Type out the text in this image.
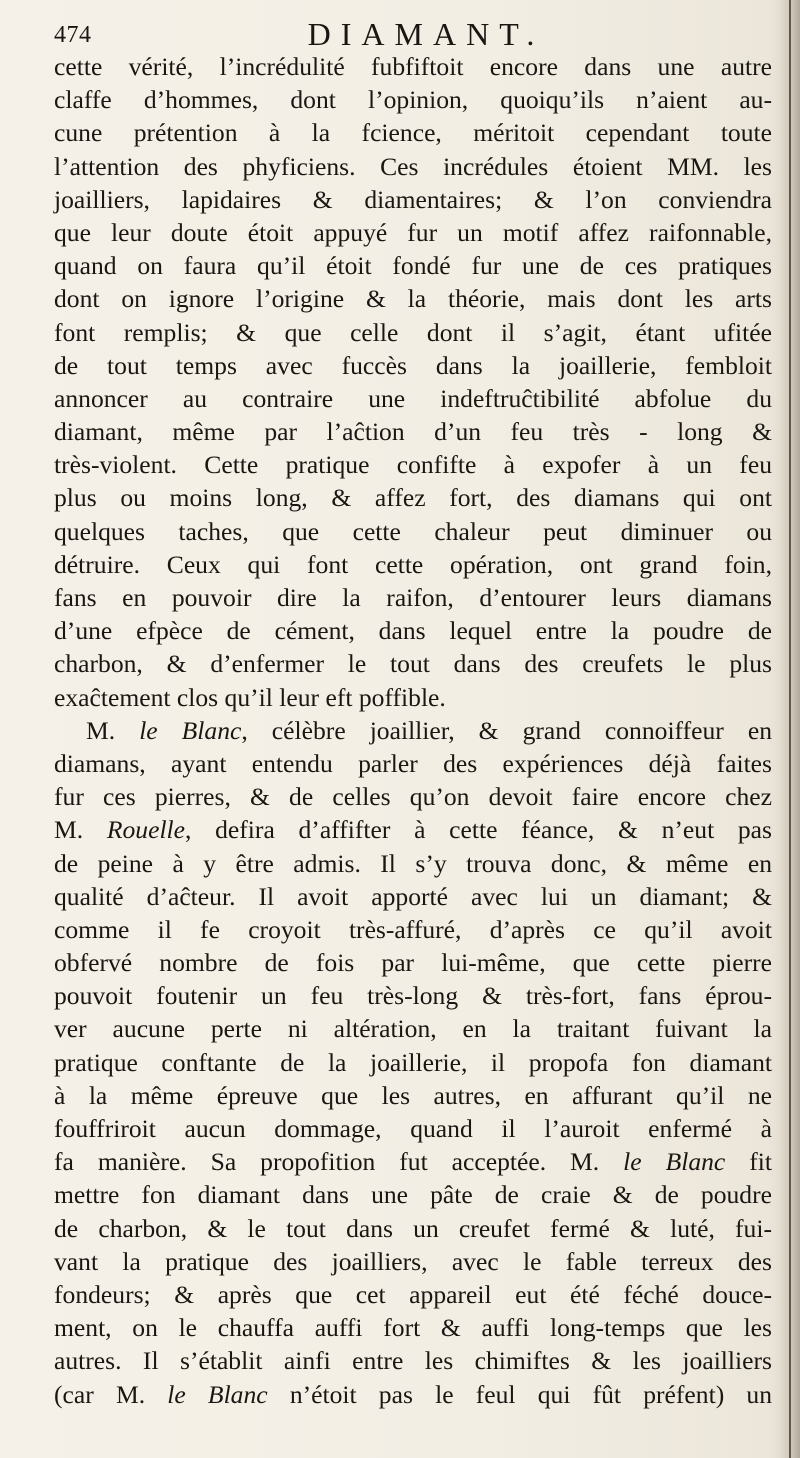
474	DIAMANT.
cette vérité, l’incrédulité fubfiftoit encore dans une autre
claffe d’hommes, dont l’opinion, quoiqu’ils n’aient au-
cune prétention à la fcience, méritoit cependant toute
l’attention des phyficiens. Ces incrédules étoient MM. les
joailliers, lapidaires & diamentaires; & l’on conviendra
que leur doute étoit appuyé fur un motif affez raifonnable,
quand on faura qu’il étoit fondé fur une de ces pratiques
dont on ignore l’origine & la théorie, mais dont les arts
font remplis; & que celle dont il s’agit, étant ufitée
de tout temps avec fuccès dans la joaillerie, fembloit
annoncer au contraire une indeftruĉtibilité abfolue du
diamant, même par l’aĉtion d’un feu très - long &
très-violent. Cette pratique confifte à expofer à un feu
plus ou moins long, & affez fort, des diamans qui ont
quelques taches, que cette chaleur peut diminuer ou
détruire. Ceux qui font cette opération, ont grand foin,
fans en pouvoir dire la raifon, d’entourer leurs diamans
d’une efpèce de cément, dans lequel entre la poudre de
charbon, & d’enfermer le tout dans des creufets le plus
exaĉtement clos qu’il leur eft poffible.
M. le Blanc, célèbre joaillier, & grand connoiffeur en
diamans, ayant entendu parler des expériences déjà faites
fur ces pierres, & de celles qu’on devoit faire encore chez
M. Rouelle, defira d’affifter à cette féance, & n’eut pas
de peine à y être admis. Il s’y trouva donc, & même en
qualité d’aĉteur. Il avoit apporté avec lui un diamant; &
comme il fe croyoit très-affuré, d’après ce qu’il avoit
obfervé nombre de fois par lui-même, que cette pierre
pouvoit foutenir un feu très-long & très-fort, fans éprou-
ver aucune perte ni altération, en la traitant fuivant la
pratique conftante de la joaillerie, il propofa fon diamant
à la même épreuve que les autres, en affurant qu’il ne
fouffriroit aucun dommage, quand il l’auroit enfermé à
fa manière. Sa propofition fut acceptée. M. le Blanc fit
mettre fon diamant dans une pâte de craie & de poudre
de charbon, & le tout dans un creufet fermé & luté, fui-
vant la pratique des joailliers, avec le fable terreux des
fondeurs; & après que cet appareil eut été féché douce-
ment, on le chauffa auffi fort & auffi long-temps que les
autres. Il s’établit ainfi entre les chimiftes & les joailliers
(car M. le Blanc n’étoit pas le feul qui fût préfent) un
